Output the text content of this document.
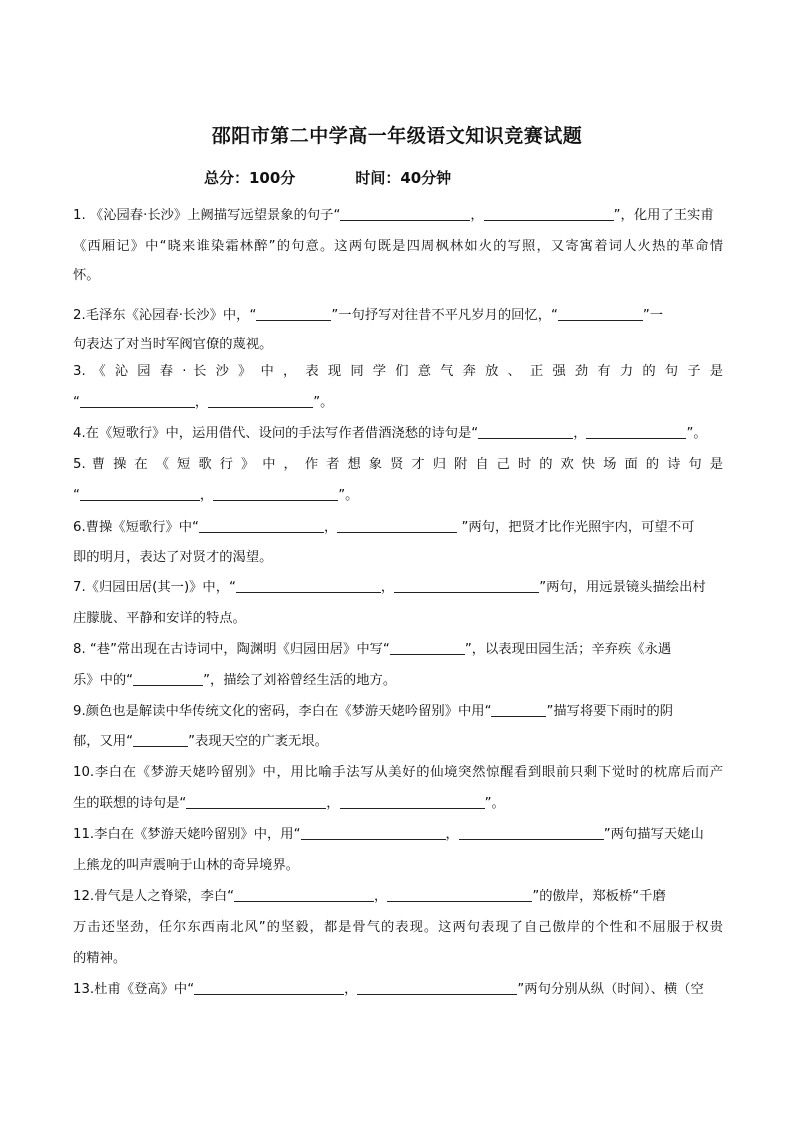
邵阳市第二中学高一年级语文知识竞赛试题
总分：100分	时间：40分钟
1. 《沁园春·长沙》上阙描写远望景象的句子“	，	”，化用了王实甫
《西厢记》中“晓来谁染霜林醉”的句意。这两句既是四周枫林如火的写照，又寄寓着词人火热的革命情
怀。
2.毛泽东《沁园春·长沙》中，“	”一句抒写对往昔不平凡岁月的回忆，“	”一
句表达了对当时军阀官僚的蔑视。
3. 《 沁 园 春 · 长 沙 》 中 ， 表 现 同 学 们 意 气 奔 放 、 正 强 劲 有 力 的 句 子 是
“	，	”。
4.在《短歌行》中，运用借代、设问的手法写作者借酒浇愁的诗句是“	，	”。
5. 曹 操 在 《 短 歌 行 》 中 ， 作 者 想 象 贤 才 归 附 自 己 时 的 欢 快 场 面 的 诗 句 是
“	，	”。
6.曹操《短歌行》中“	，	”两句，把贤才比作光照宇内，可望不可
即的明月，表达了对贤才的渴望。
7.《归园田居(其一)》中，“	，	”两句，用远景镜头描绘出村
庄朦胧、平静和安详的特点。
8. “巷”常出现在古诗词中，陶渊明《归园田居》中写“	”，以表现田园生活；辛弃疾《永遇
乐》中的“	”，描绘了刘裕曾经生活的地方。
9.颜色也是解读中华传统文化的密码，李白在《梦游天姥吟留别》中用“	”描写将要下雨时的阴
郁，又用“	”表现天空的广袤无垠。
10.李白在《梦游天姥吟留别》中，用比喻手法写从美好的仙境突然惊醒看到眼前只剩下觉时的枕席后而产
生的联想的诗句是“	，	”。
11.李白在《梦游天姥吟留别》中，用“	，	”两句描写天姥山
上熊龙的叫声震响于山林的奇异境界。
12.骨气是人之脊梁，李白“	，	”的傲岸，郑板桥“千磨
万击还坚劲，任尔东西南北风”的坚毅，都是骨气的表现。这两句表现了自己傲岸的个性和不屈服于权贵
的精神。
13.杜甫《登高》中“	，	”两句分别从纵（时间）、横（空
